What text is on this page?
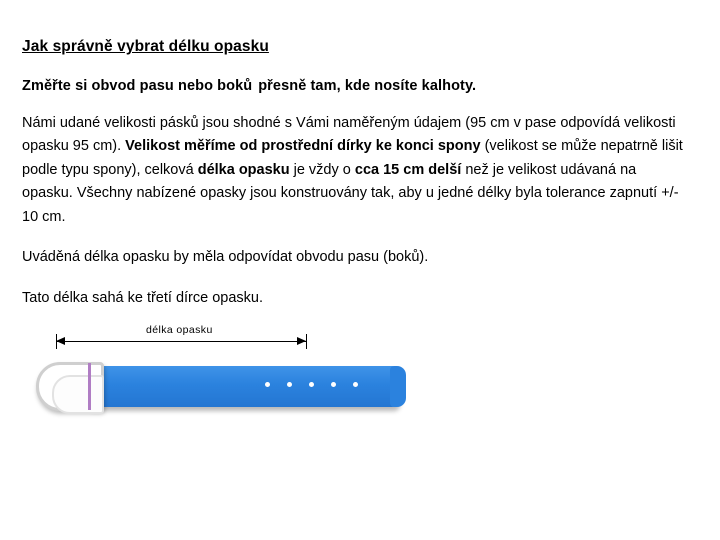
Jak správně vybrat délku opasku

Změřte si obvod pasu nebo boků přesně tam, kde nosíte kalhoty.

Námi udané velikosti pásků jsou shodné s Vámi naměřeným údajem (95 cm v pase odpovídá velikosti opasku 95 cm). Velikost měříme od prostřední dírky ke konci spony (velikost se může nepatrně lišit podle typu spony), celková délka opasku je vždy o cca 15 cm delší než je velikost udávaná na opasku. Všechny nabízené opasky jsou konstruovány tak, aby u jedné délky byla tolerance zapnutí +/- 10 cm.

Uváděná délka opasku by měla odpovídat obvodu pasu (boků).

Tato délka sahá ke třetí dírce opasku.

délka opasku
